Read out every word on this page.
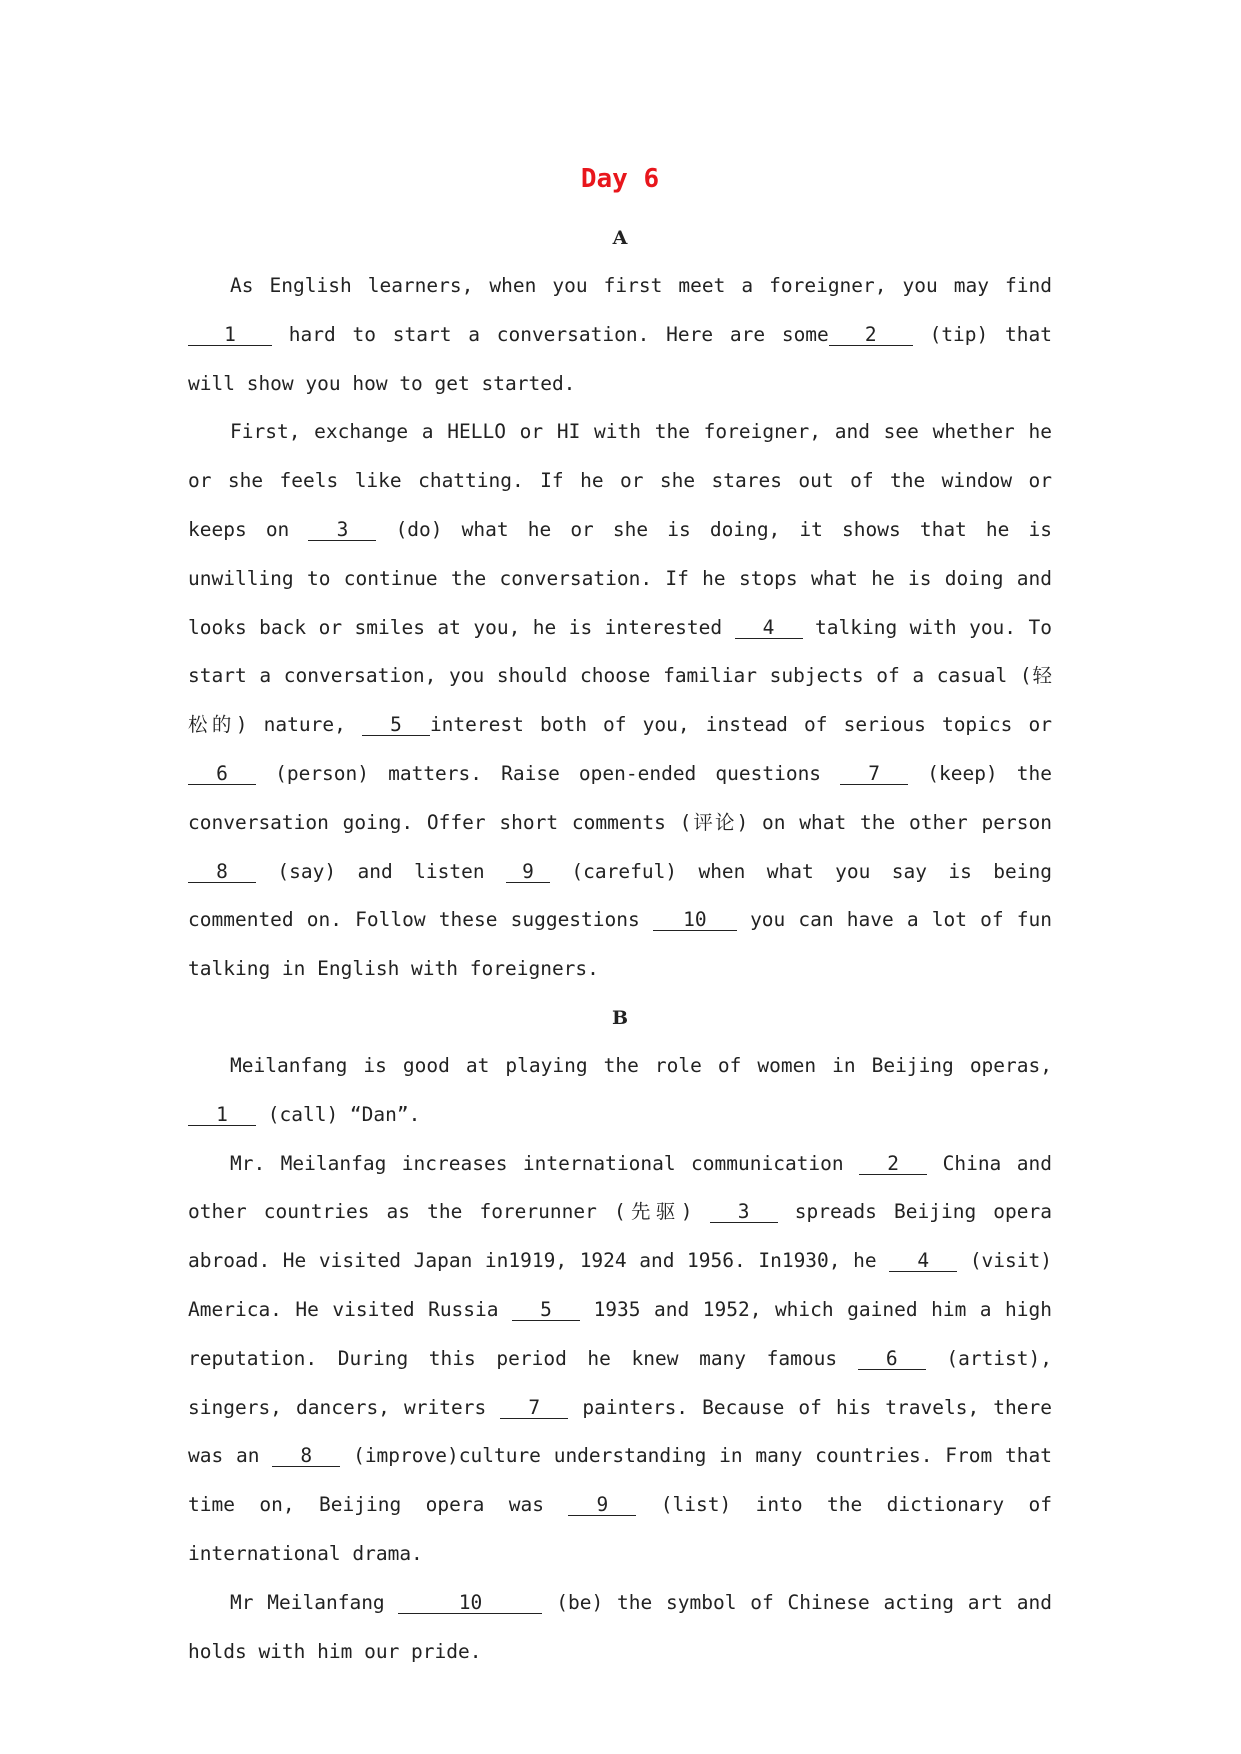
Day 6
A

As English learners, when you first meet a foreigner, you may find 1	hard to start a conversation. Here are some 2	(tip) that will show you how to get started.

First, exchange a HELLO or HI with the foreigner, and see whether he or she feels like chatting. If he or she stares out of the window or keeps on 3 (do) what he or she is doing, it shows that he is unwilling to continue the conversation. If he stops what he is doing and looks back or smiles at you, he is interested 4 talking with you. To start a conversation, you should choose familiar subjects of a casual (轻松的) nature, 5 interest both of you, instead of serious topics or 6 (person) matters. Raise open-ended questions 7 (keep) the conversation going. Offer short comments (评论) on what the other person 8	(say) and listen 9 (careful) when what you say is being commented on. Follow these suggestions 10 you can have a lot of fun talking in English with foreigners.

B

Meilanfang is good at playing the role of women in Beijing operas, 1 (call) “Dan”.

Mr. Meilanfag increases international communication 2 China and other countries as the forerunner (先驱) 3 spreads Beijing opera abroad. He visited Japan in1919, 1924 and 1956. In1930, he 4 (visit) America. He visited Russia 5 1935 and 1952, which gained him a high reputation. During this period he knew many famous	6	(artist), singers, dancers, writers 7 painters. Because of his travels, there was an 8 (improve)culture understanding in many countries. From that time on, Beijing opera was	9	(list) into the dictionary of international drama.

Mr Meilanfang	10	(be) the symbol of Chinese acting art and holds with him our pride.
